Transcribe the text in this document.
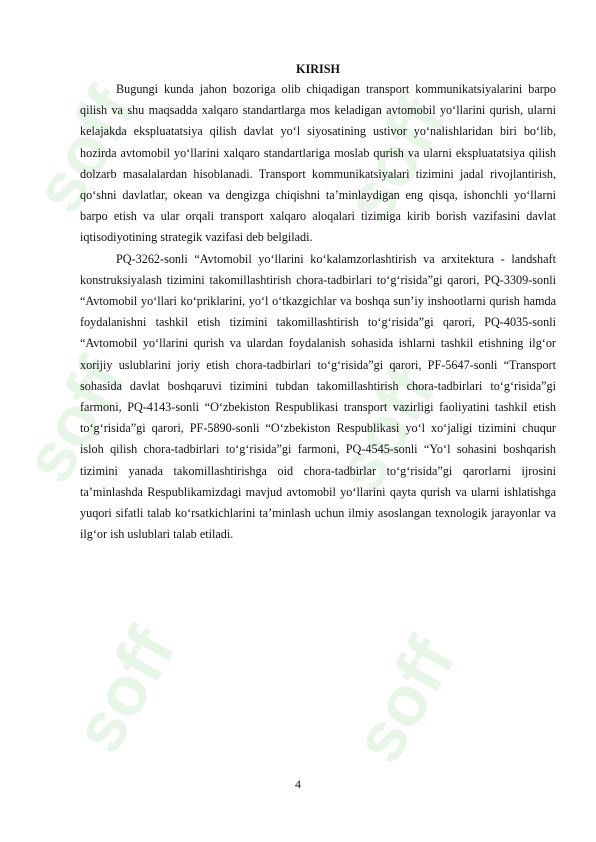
soff	soff
soff	soff
soff soff

KIRISH

Bugungi kunda jahon bozoriga olib chiqadigan transport kommunikatsiyalarini barpo qilish va shu maqsadda xalqaro standartlarga mos keladigan avtomobil yo‘llarini qurish, ularni kelajakda ekspluatatsiya qilish davlat yo‘l siyosatining ustivor yo‘nalishlaridan biri bo‘lib, hozirda avtomobil yo‘llarini xalqaro standartlariga moslab qurish va ularni ekspluatatsiya qilish dolzarb masalalardan hisoblanadi. Transport kommunikatsiyalari tizimini jadal rivojlantirish, qo‘shni davlatlar, okean va dengizga chiqishni ta’minlaydigan eng qisqa, ishonchli yo‘llarni barpo etish va ular orqali transport xalqaro aloqalari tizimiga kirib borish vazifasini davlat iqtisodiyotining strategik vazifasi deb belgiladi.

PQ-3262-sonli “Avtomobil yo‘llarini ko‘kalamzorlashtirish va arxitektura - landshaft konstruksiyalash tizimini takomillashtirish chora-tadbirlari to‘g‘risida”gi qarori, PQ-3309-sonli “Avtomobil yo‘llari ko‘priklarini, yo‘l o‘tkazgichlar va boshqa sun’iy inshootlarni qurish hamda foydalanishni tashkil etish tizimini takomillashtirish to‘g‘risida”gi qarori, PQ-4035-sonli “Avtomobil yo‘llarini qurish va ulardan foydalanish sohasida ishlarni tashkil etishning ilg‘or xorijiy uslublarini joriy etish chora-tadbirlari to‘g‘risida”gi qarori, PF-5647-sonli “Transport sohasida davlat boshqaruvi tizimini tubdan takomillashtirish chora-tadbirlari to‘g‘risida”gi farmoni, PQ-4143-sonli “O‘zbekiston Respublikasi transport vazirligi faoliyatini tashkil etish to‘g‘risida”gi qarori, PF-5890-sonli “O‘zbekiston Respublikasi yo‘l xo‘jaligi tizimini chuqur isloh qilish chora-tadbirlari to‘g‘risida”gi farmoni, PQ-4545-sonli “Yo‘l sohasini boshqarish tizimini yanada takomillashtirishga oid chora-tadbirlar to‘g‘risida”gi qarorlarni ijrosini ta’minlashda Respublikamizdagi mavjud avtomobil yo‘llarini qayta qurish va ularni ishlatishga yuqori sifatli talab ko‘rsatkichlarini ta’minlash uchun ilmiy asoslangan texnologik jarayonlar va ilg‘or ish uslublari talab etiladi.

4
